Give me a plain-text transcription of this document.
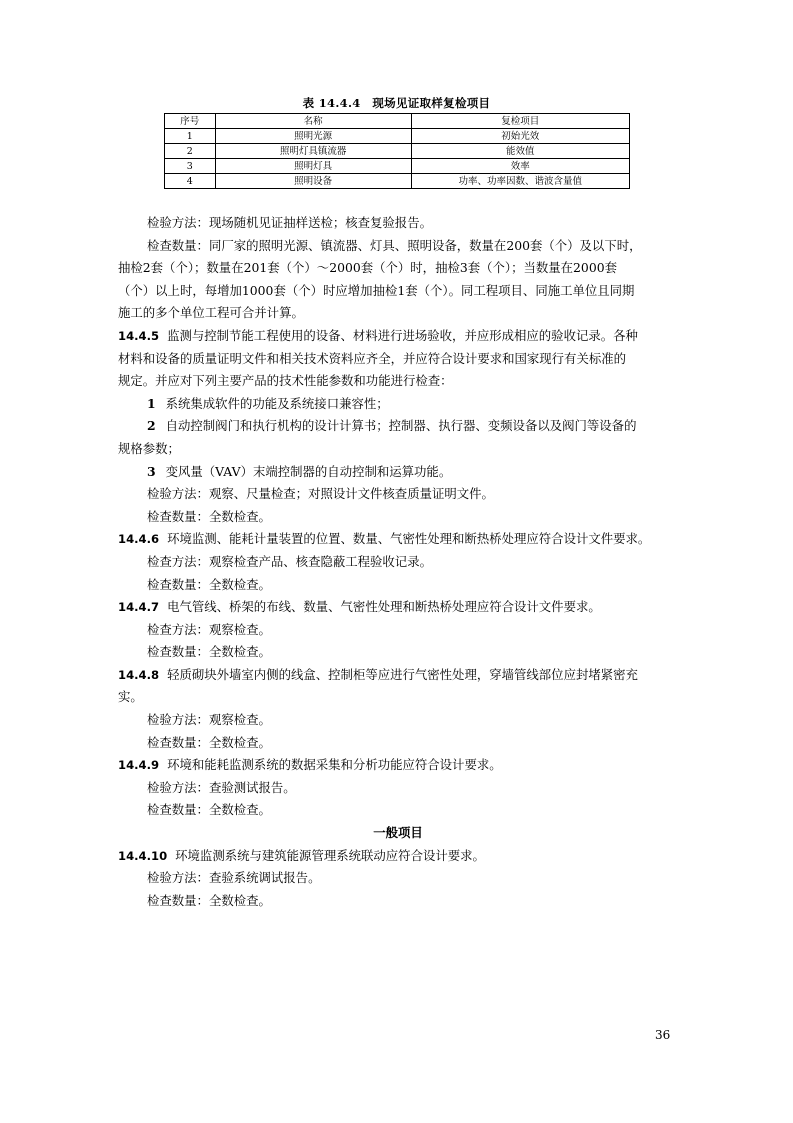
表 14.4.4　现场见证取样复检项目
序号	名称	复检项目
1	照明光源	初始光效
2	照明灯具镇流器	能效值
3	照明灯具	效率
4	照明设备	功率、功率因数、谐波含量值

检验方法：现场随机见证抽样送检；核查复验报告。

检查数量：同厂家的照明光源、镇流器、灯具、照明设备，数量在200套（个）及以下时，

抽检2套（个）；数量在201套（个）～2000套（个）时，抽检3套（个）；当数量在2000套

（个）以上时，每增加1000套（个）时应增加抽检1套（个）。同工程项目、同施工单位且同期

施工的多个单位工程可合并计算。

14.4.5 监测与控制节能工程使用的设备、材料进行进场验收，并应形成相应的验收记录。各种

材料和设备的质量证明文件和相关技术资料应齐全，并应符合设计要求和国家现行有关标准的

规定。并应对下列主要产品的技术性能参数和功能进行检查：

1 系统集成软件的功能及系统接口兼容性；

2 自动控制阀门和执行机构的设计计算书；控制器、执行器、变频设备以及阀门等设备的

规格参数；

3 变风量（VAV）末端控制器的自动控制和运算功能。

检验方法：观察、尺量检查；对照设计文件核查质量证明文件。

检查数量：全数检查。

14.4.6 环境监测、能耗计量装置的位置、数量、气密性处理和断热桥处理应符合设计文件要求。

检查方法：观察检查产品、核查隐蔽工程验收记录。

检查数量：全数检查。

14.4.7 电气管线、桥架的布线、数量、气密性处理和断热桥处理应符合设计文件要求。

检查方法：观察检查。

检查数量：全数检查。

14.4.8 轻质砌块外墙室内侧的线盒、控制柜等应进行气密性处理，穿墙管线部位应封堵紧密充

实。

检验方法：观察检查。

检查数量：全数检查。

14.4.9 环境和能耗监测系统的数据采集和分析功能应符合设计要求。

检验方法：查验测试报告。

检查数量：全数检查。

一般项目

14.4.10 环境监测系统与建筑能源管理系统联动应符合设计要求。

检验方法：查验系统调试报告。

检查数量：全数检查。

36
